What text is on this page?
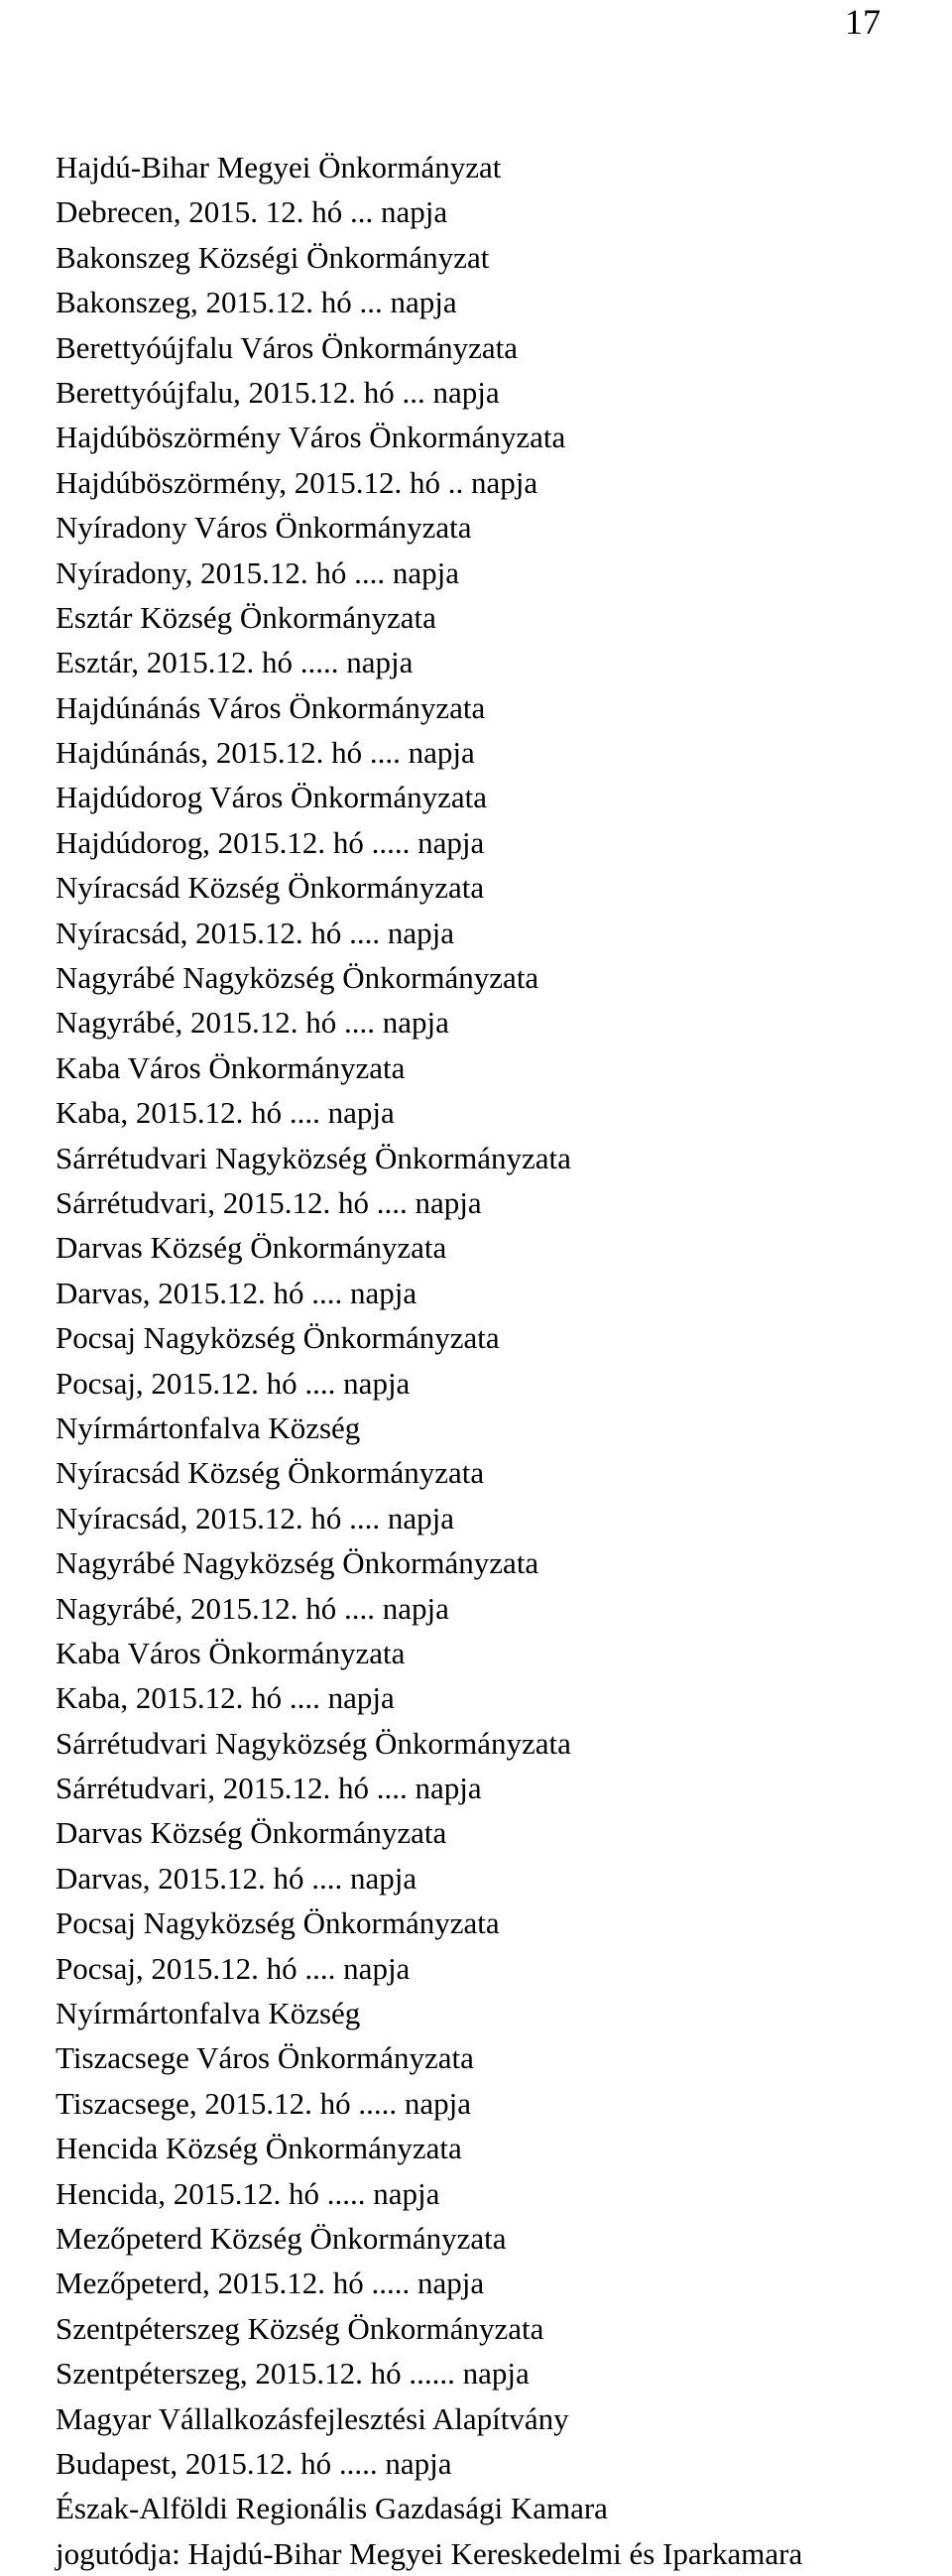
17
Hajdú-Bihar Megyei Önkormányzat
Debrecen, 2015. 12. hó ... napja
Bakonszeg Községi Önkormányzat
Bakonszeg, 2015.12. hó ... napja
Berettyóújfalu Város Önkormányzata
Berettyóújfalu, 2015.12. hó ... napja
Hajdúböszörmény Város Önkormányzata
Hajdúböszörmény, 2015.12. hó .. napja
Nyíradony Város Önkormányzata
Nyíradony, 2015.12. hó .... napja
Esztár Község Önkormányzata
Esztár, 2015.12. hó ..... napja
Hajdúnánás Város Önkormányzata
Hajdúnánás, 2015.12. hó .... napja
Hajdúdorog Város Önkormányzata
Hajdúdorog, 2015.12. hó ..... napja
Nyíracsád Község Önkormányzata
Nyíracsád, 2015.12. hó .... napja
Nagyrábé Nagyközség Önkormányzata
Nagyrábé, 2015.12. hó .... napja
Kaba Város Önkormányzata
Kaba, 2015.12. hó .... napja
Sárrétudvari Nagyközség Önkormányzata
Sárrétudvari, 2015.12. hó .... napja
Darvas Község Önkormányzata
Darvas, 2015.12. hó .... napja
Pocsaj Nagyközség Önkormányzata
Pocsaj, 2015.12. hó .... napja
Nyírmártonfalva Község
Nyíracsád Község Önkormányzata
Nyíracsád, 2015.12. hó .... napja
Nagyrábé Nagyközség Önkormányzata
Nagyrábé, 2015.12. hó .... napja
Kaba Város Önkormányzata
Kaba, 2015.12. hó .... napja
Sárrétudvari Nagyközség Önkormányzata
Sárrétudvari, 2015.12. hó .... napja
Darvas Község Önkormányzata
Darvas, 2015.12. hó .... napja
Pocsaj Nagyközség Önkormányzata
Pocsaj, 2015.12. hó .... napja
Nyírmártonfalva Község
Tiszacsege Város Önkormányzata
Tiszacsege, 2015.12. hó ..... napja
Hencida Község Önkormányzata
Hencida, 2015.12. hó ..... napja
Mezőpeterd Község Önkormányzata
Mezőpeterd, 2015.12. hó ..... napja
Szentpéterszeg Község Önkormányzata
Szentpéterszeg, 2015.12. hó ...... napja
Magyar Vállalkozásfejlesztési Alapítvány
Budapest, 2015.12. hó ..... napja
Észak-Alföldi Regionális Gazdasági Kamara
jogutódja: Hajdú-Bihar Megyei Kereskedelmi és Iparkamara
